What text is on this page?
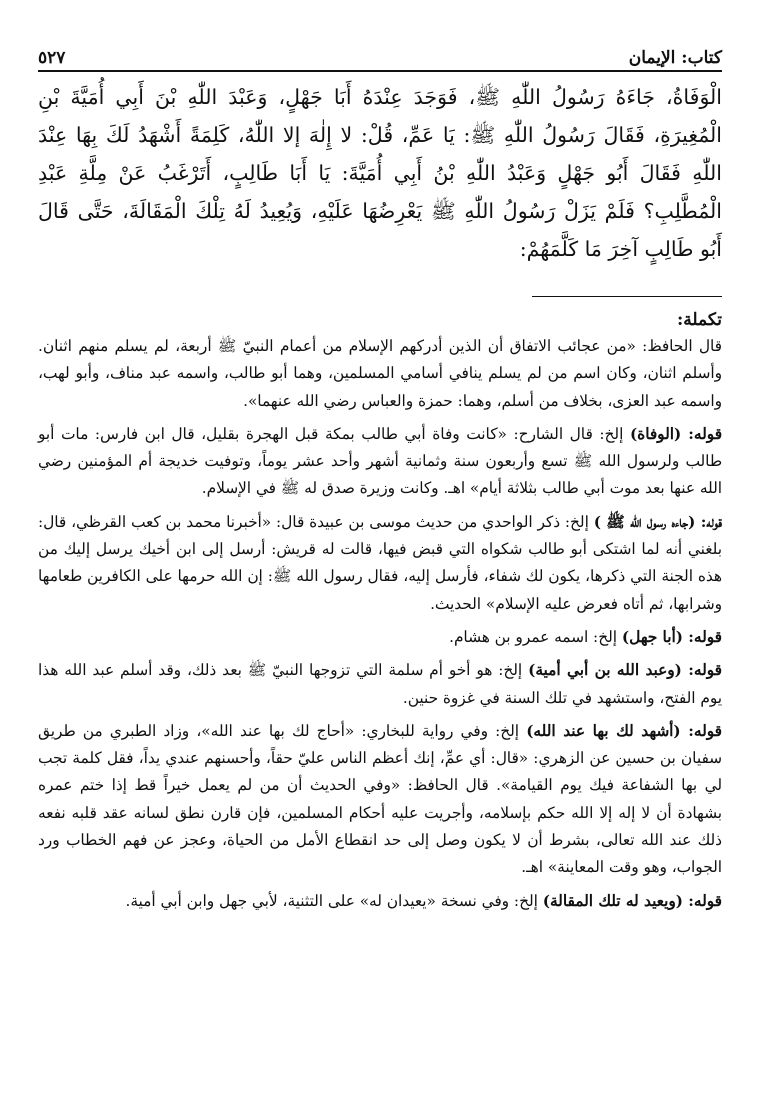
كتاب: الإيمان
٥٢٧
الْوَفَاةُ، جَاءَهُ رَسُولُ اللّٰهِ ﷺ، فَوَجَدَ عِنْدَهُ أَبَا جَهْلٍ، وَعَبْدَ اللّٰهِ بْنَ أَبِي أُمَيَّةَ بْنِ الْمُغِيرَةِ، فَقَالَ رَسُولُ اللّٰهِ ﷺ: يَا عَمِّ، قُلْ: لا إِلٰهَ إلا اللّٰهُ، كَلِمَةً أَشْهَدُ لَكَ بِهَا عِنْدَ اللّٰهِ فَقَالَ أَبُو جَهْلٍ وَعَبْدُ اللّٰهِ بْنُ أَبِي أُمَيَّةَ: يَا أَبَا طَالِبٍ، أَتَرْغَبُ عَنْ مِلَّةِ عَبْدِ الْمُطَّلِبِ؟ فَلَمْ يَزَلْ رَسُولُ اللّٰهِ ﷺ يَعْرِضُهَا عَلَيْهِ، وَيُعِيدُ لَهُ تِلْكَ الْمَقَالَةَ، حَتَّى قَالَ أَبُو طَالِبٍ آخِرَ مَا كَلَّمَهُمْ:
تكملة:

قال الحافظ: «من عجائب الاتفاق أن الذين أدركهم الإسلام من أعمام النبيّ ﷺ أربعة، لم يسلم منهم اثنان. وأسلم اثنان، وكان اسم من لم يسلم ينافي أسامي المسلمين، وهما أبو طالب، واسمه عبد مناف، وأبو لهب، واسمه عبد العزى، بخلاف من أسلم، وهما: حمزة والعباس رضي الله عنهما».

قوله: (الوفاة) إلخ: قال الشارح: «كانت وفاة أبي طالب بمكة قبل الهجرة بقليل، قال ابن فارس: مات أبو طالب ولرسول الله ﷺ تسع وأربعون سنة وثمانية أشهر وأحد عشر يوماً، وتوفيت خديجة أم المؤمنين رضي الله عنها بعد موت أبي طالب بثلاثة أيام» اهـ. وكانت وزيرة صدق له ﷺ في الإسلام.

قوله: (جاءه رسول الله ﷺ ) إلخ: ذكر الواحدي من حديث موسى بن عبيدة قال: «أخبرنا محمد بن كعب القرظي، قال: بلغني أنه لما اشتكى أبو طالب شكواه التي قبض فيها، قالت له قريش: أرسل إلى ابن أخيك يرسل إليك من هذه الجنة التي ذكرها، يكون لك شفاء، فأرسل إليه، فقال رسول الله ﷺ: إن الله حرمها على الكافرين طعامها وشرابها، ثم أتاه فعرض عليه الإسلام» الحديث.

قوله: (أبا جهل) إلخ: اسمه عمرو بن هشام.

قوله: (وعبد الله بن أبي أمية) إلخ: هو أخو أم سلمة التي تزوجها النبيّ ﷺ بعد ذلك، وقد أسلم عبد الله هذا يوم الفتح، واستشهد في تلك السنة في غزوة حنين.

قوله: (أشهد لك بها عند الله) إلخ: وفي رواية للبخاري: «أحاج لك بها عند الله»، وزاد الطبري من طريق سفيان بن حسين عن الزهري: «قال: أي عمِّ، إنك أعظم الناس عليّ حقاً، وأحسنهم عندي يداً، فقل كلمة تجب لي بها الشفاعة فيك يوم القيامة». قال الحافظ: «وفي الحديث أن من لم يعمل خيراً قط إذا ختم عمره بشهادة أن لا إله إلا الله حكم بإسلامه، وأجريت عليه أحكام المسلمين، فإن قارن نطق لسانه عقد قلبه نفعه ذلك عند الله تعالى، بشرط أن لا يكون وصل إلى حد انقطاع الأمل من الحياة، وعجز عن فهم الخطاب ورد الجواب، وهو وقت المعاينة» اهـ.

قوله: (ويعيد له تلك المقالة) إلخ: وفي نسخة «يعيدان له» على التثنية، لأبي جهل وابن أبي أمية.
